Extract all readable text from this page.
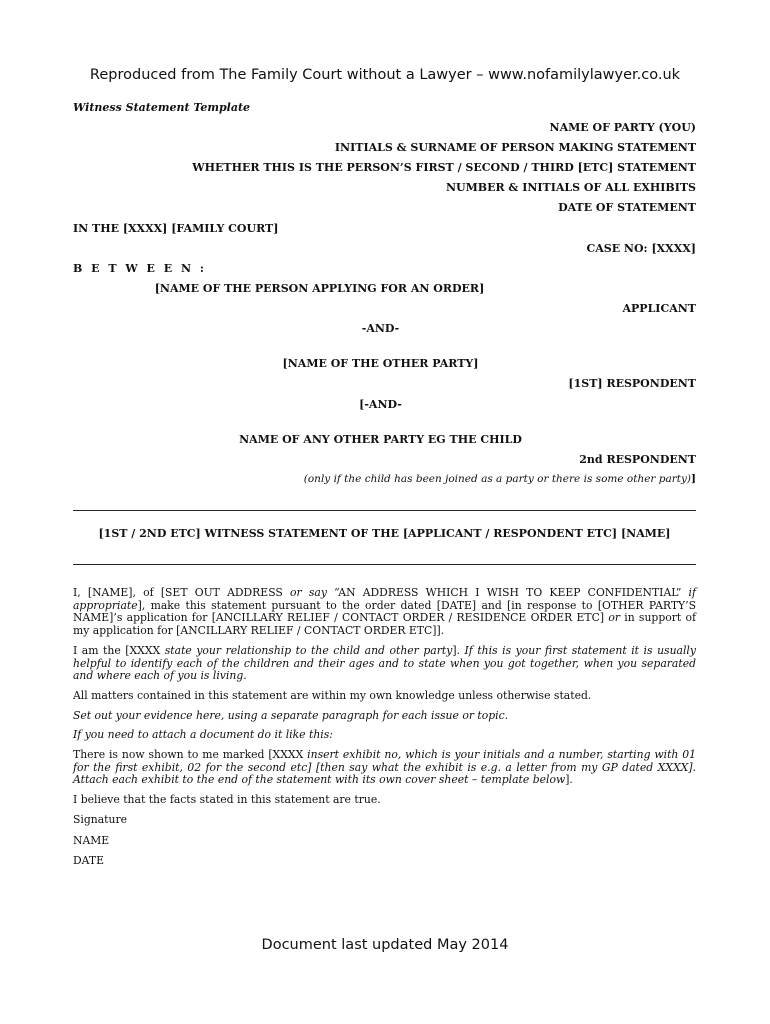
Reproduced from The Family Court without a Lawyer – www.nofamilylawyer.co.uk
Witness Statement Template
NAME OF PARTY (YOU)
INITIALS & SURNAME OF PERSON MAKING STATEMENT
WHETHER THIS IS THE PERSON’S FIRST / SECOND / THIRD [ETC] STATEMENT
NUMBER & INITIALS OF ALL EXHIBITS
DATE OF STATEMENT
IN THE [XXXX] [FAMILY COURT]
CASE NO: [XXXX]
B E T W E E N :
[NAME OF THE PERSON APPLYING FOR AN ORDER]
APPLICANT
-AND-
[NAME OF THE OTHER PARTY]
[1ST] RESPONDENT
[-AND-
NAME OF ANY OTHER PARTY EG THE CHILD
2nd RESPONDENT
(only if the child has been joined as a party or there is some other party)]
[1ST / 2ND ETC] WITNESS STATEMENT OF THE [APPLICANT / RESPONDENT ETC] [NAME]

I, [NAME], of [SET OUT ADDRESS or say “AN ADDRESS WHICH I WISH TO KEEP CONFIDENTIAL” if appropriate], make this statement pursuant to the order dated [DATE] and [in response to [OTHER PARTY’S NAME]’s application for [ANCILLARY RELIEF / CONTACT ORDER / RESIDENCE ORDER ETC] or in support of my application for [ANCILLARY RELIEF / CONTACT ORDER ETC]].

I am the [XXXX state your relationship to the child and other party]. If this is your first statement it is usually helpful to identify each of the children and their ages and to state when you got together, when you separated and where each of you is living.

All matters contained in this statement are within my own knowledge unless otherwise stated.

Set out your evidence here, using a separate paragraph for each issue or topic.

If you need to attach a document do it like this:

There is now shown to me marked [XXXX insert exhibit no, which is your initials and a number, starting with 01 for the first exhibit, 02 for the second etc] [then say what the exhibit is e.g. a letter from my GP dated XXXX]. Attach each exhibit to the end of the statement with its own cover sheet – template below].

I believe that the facts stated in this statement are true.

Signature

NAME

DATE

Document last updated May 2014
